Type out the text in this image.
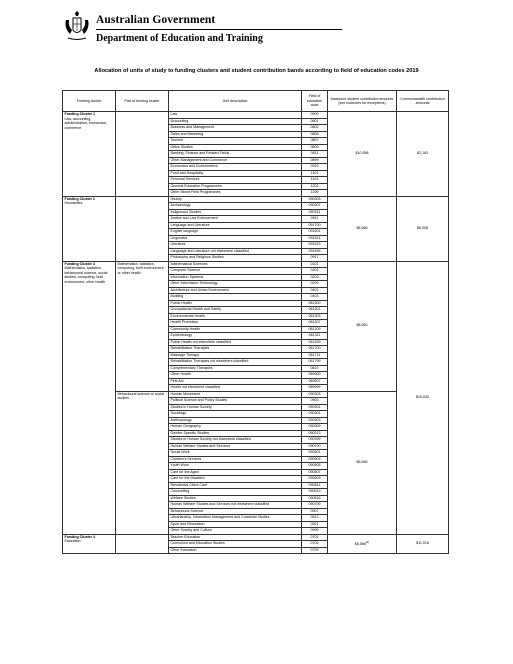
Australian Government
Department of Education and Training
Allocation of units of study to funding clusters and student contribution bands according to field of education codes 2019
Funding cluster	Part of funding cluster	Unit description	Field of education code	Maximum student contribution amounts (see footnotes for exceptions)	Commonwealth contribution amounts
Funding Cluster 1
Law, accounting, administration, economics, commerce		Law	0909	$10,958	$2,163
		Accounting	0801		
		Business and Management	0803		
		Sales and Marketing	0805		
		Tourism	0807		
		Office Studies	0809		
		Banking, Finance and Related Fields	0811		
		Other Management and Commerce	0899		
		Economics and Econometrics	0919		
		Food and Hospitality	1101		
		Personal Services	1103		
		General Education Programmes	1201		
		Other Mixed Field Programmes	1299		
Funding Cluster 2
Humanities		History	090305	$6,566	$6,008
		Archaeology	090307		
		Indigenous Studies	090311		
		Justice and Law Enforcement	0911		
		Language and Literature	091700		
		English language	091501		
		Linguistics	091521		
		Literature	091523		
		Language and Literature not elsewhere classified	091599		
		Philosophy and Religious Studies	0917		
Funding Cluster 3
Mathematics, statistics, behavioural science, social studies, computing, built environment, other health	Mathematics, statistics, computing, built environment or other health	Mathematical Sciences	0101	$8,950	$10,630
		Computer Science	0201		
		Information Systems	0203		
		Other Information Technology	0299		
		Architecture and Urban Environment	0401		
		Building	0403		
		Public Health	061300		
		Occupational Health and Safety	061301		
		Environmental Health	061303		
		Health Promotion	061307		
		Community Health	061309		
		Epidemiology	061311		
		Public Health not elsewhere classified	061399		
		Rehabilitation Therapies	061700		
		Massage Therapy	061711		
		Rehabilitation Therapies not elsewhere classified	061799		
		Complementary Therapies	0619		
		Other Health	069900		
		First Aid	069907		
		Health not elsewhere classified	069999		
	Behavioural science or social studies	Human Movement	090303	$6,566	
		Political Science and Policy Studies	0903		
		Studies in Human Society	090301		
		Sociology	090301		
		Anthropology	090303		
		Human Geography	090309		
		Gender Specific Studies	090313		
		Studies in Human Society not elsewhere classified	090399		
		Human Welfare Studies and Services	090700		
		Social Work	090501		
		Children's Services	090503		
		Youth Work	090505		
		Care for the Aged	090507		
		Care for the Disabled	090509		
		Residential Client Care	090511		
		Counselling	090513		
		Welfare Studies	090515		
		Human Welfare Studies and Services not elsewhere classified	090799		
		Behavioural Science	0907		
		Librarianship, Information Management and Curatorial Studies	0913		
		Sport and Recreation	0921		
		Other Society and Culture	0999		
Funding Cluster 4
Education		Teacher Education	0701	$6,566$^{(4)}$	$11,016
		Curriculum and Education Studies	0703		
		Other Education	0799		
